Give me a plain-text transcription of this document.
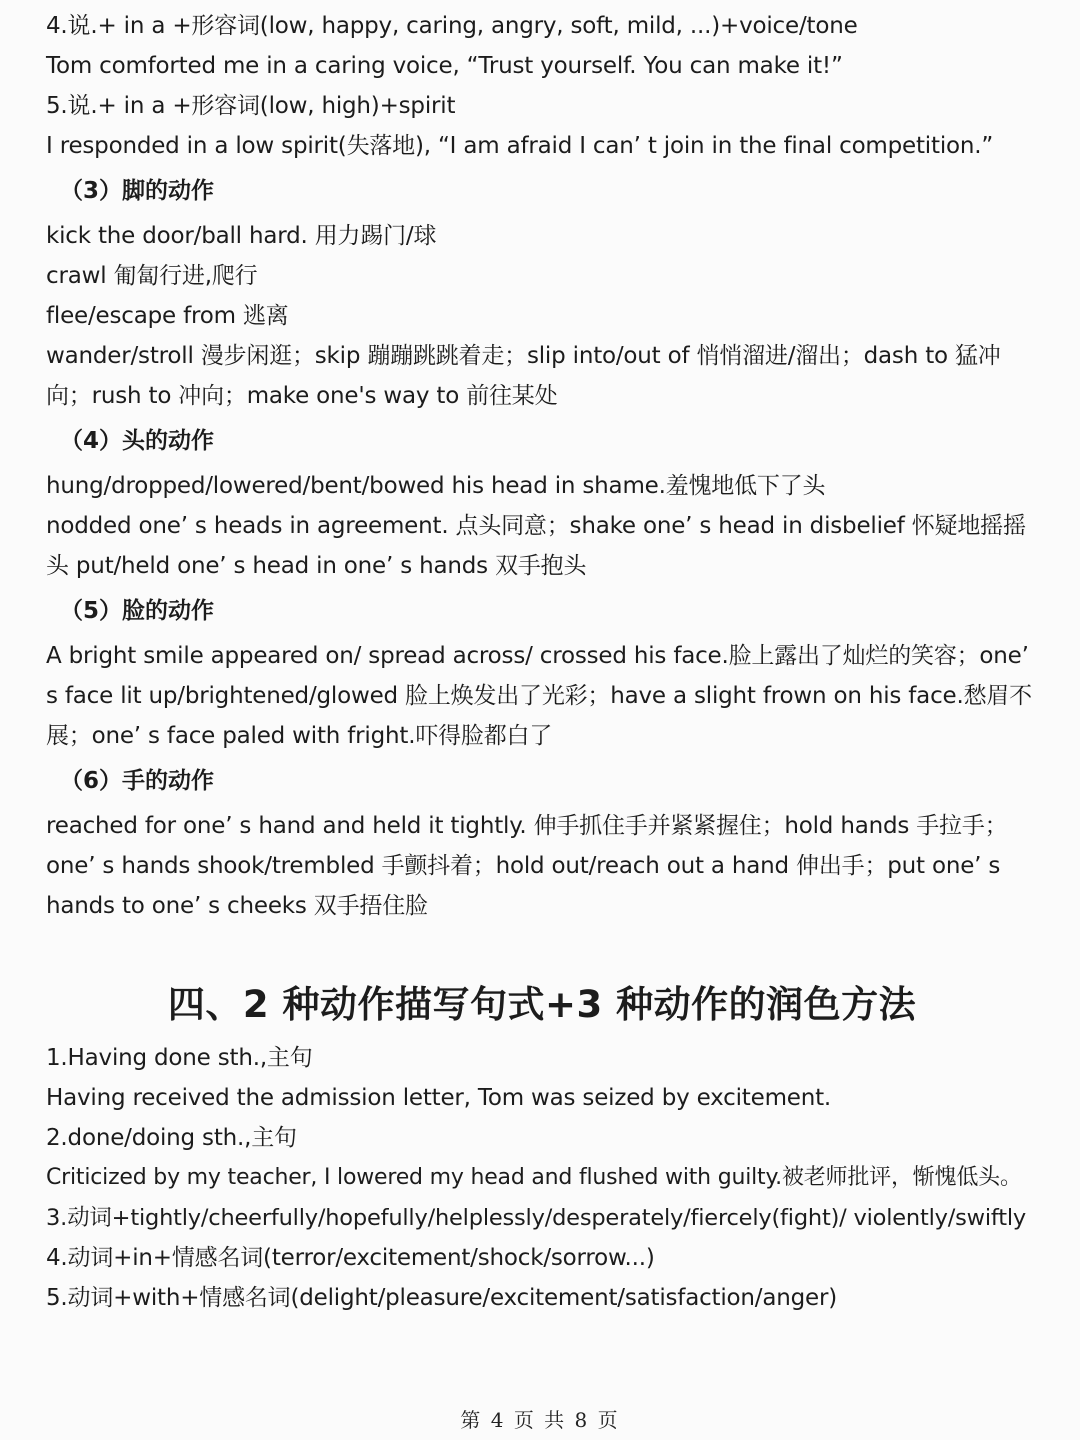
4.说.+ in a +形容词(low, happy, caring, angry, soft, mild, ...)+voice/tone

Tom comforted me in a caring voice, “Trust yourself. You can make it!”

5.说.+ in a +形容词(low, high)+spirit

I responded in a low spirit(失落地), “I am afraid I can’ t join in the final competition.”

（3）脚的动作

kick the door/ball hard. 用力踢门/球

crawl 匍匐行进,爬行

flee/escape from 逃离

wander/stroll 漫步闲逛；skip 蹦蹦跳跳着走；slip into/out of 悄悄溜进/溜出；dash to 猛冲向；rush to 冲向；make one's way to 前往某处

（4）头的动作

hung/dropped/lowered/bent/bowed his head in shame.羞愧地低下了头

nodded one’ s heads in agreement. 点头同意；shake one’ s head in disbelief 怀疑地摇摇头 put/held one’ s head in one’ s hands 双手抱头

（5）脸的动作

A bright smile appeared on/ spread across/ crossed his face.脸上露出了灿烂的笑容；one’ s face lit up/brightened/glowed 脸上焕发出了光彩；have a slight frown on his face.愁眉不展；one’ s face paled with fright.吓得脸都白了

（6）手的动作

reached for one’ s hand and held it tightly. 伸手抓住手并紧紧握住；hold hands 手拉手；one’ s hands shook/trembled 手颤抖着；hold out/reach out a hand 伸出手；put one’ s hands to one’ s cheeks 双手捂住脸

四、2 种动作描写句式+3 种动作的润色方法

1.Having done sth.,主句

Having received the admission letter, Tom was seized by excitement.

2.done/doing sth.,主句

Criticized by my teacher, I lowered my head and flushed with guilty.被老师批评，惭愧低头。

3.动词+tightly/cheerfully/hopefully/helplessly/desperately/fiercely(fight)/ violently/swiftly

4.动词+in+情感名词(terror/excitement/shock/sorrow...)

5.动词+with+情感名词(delight/pleasure/excitement/satisfaction/anger)

第 4 页 共 8 页
